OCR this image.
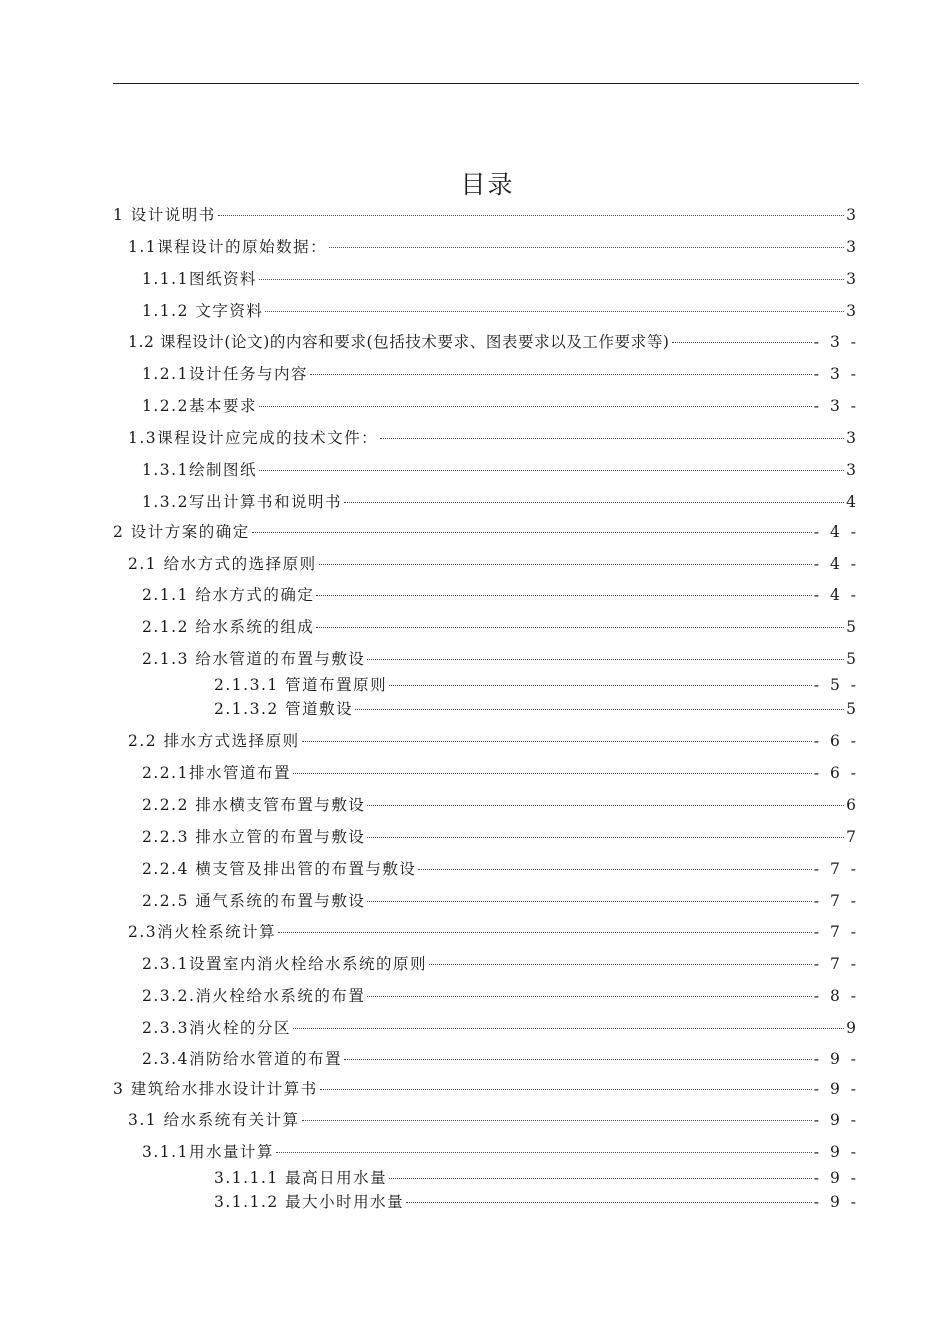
目录
1 设计说明书	3
1.1课程设计的原始数据：	3
1.1.1图纸资料	3
1.1.2 文字资料	3
1.2 课程设计(论文)的内容和要求(包括技术要求、图表要求以及工作要求等)	- 3 -
1.2.1设计任务与内容	- 3 -
1.2.2基本要求	- 3 -
1.3课程设计应完成的技术文件：	3
1.3.1绘制图纸	3
1.3.2写出计算书和说明书	4
2 设计方案的确定	- 4 -
2.1 给水方式的选择原则	- 4 -
2.1.1 给水方式的确定	- 4 -
2.1.2 给水系统的组成	5
2.1.3 给水管道的布置与敷设	5
2.1.3.1 管道布置原则	- 5 -
2.1.3.2 管道敷设	5
2.2 排水方式选择原则	- 6 -
2.2.1排水管道布置	- 6 -
2.2.2 排水横支管布置与敷设	6
2.2.3 排水立管的布置与敷设	7
2.2.4 横支管及排出管的布置与敷设	- 7 -
2.2.5 通气系统的布置与敷设	- 7 -
2.3消火栓系统计算	- 7 -
2.3.1设置室内消火栓给水系统的原则	- 7 -
2.3.2.消火栓给水系统的布置	- 8 -
2.3.3消火栓的分区	9
2.3.4消防给水管道的布置	- 9 -
3 建筑给水排水设计计算书	- 9 -
3.1 给水系统有关计算	- 9 -
3.1.1用水量计算	- 9 -
3.1.1.1 最高日用水量	- 9 -
3.1.1.2 最大小时用水量	- 9 -
